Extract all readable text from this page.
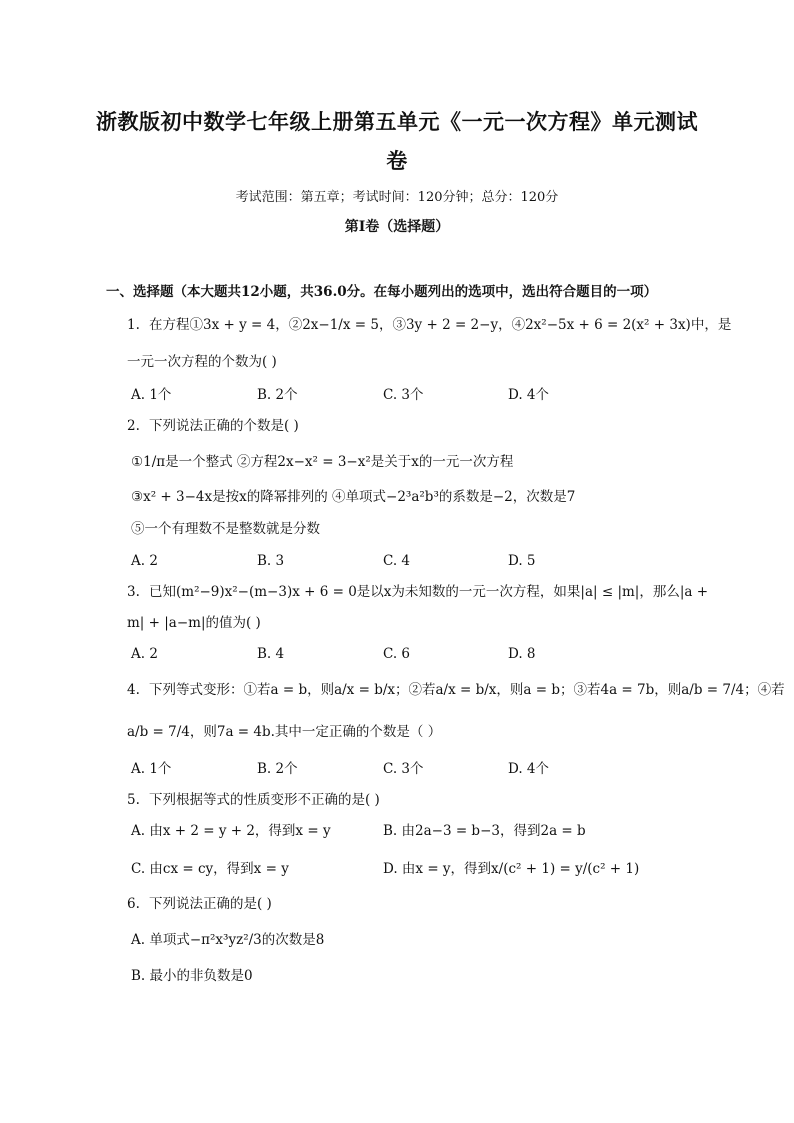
浙教版初中数学七年级上册第五单元《一元一次方程》单元测试
卷
考试范围：第五章；考试时间：120分钟；总分：120分
第I卷（选择题）
一、选择题（本大题共12小题，共36.0分。在每小题列出的选项中，选出符合题目的一项）
1. 在方程①3x + y = 4，②2x−1/x = 5，③3y + 2 = 2−y，④2x²−5x + 6 = 2(x² + 3x)中，是
一元一次方程的个数为( )
A. 1个	B. 2个	C. 3个	D. 4个
2. 下列说法正确的个数是( )
①1/π是一个整式 ②方程2x−x² = 3−x²是关于x的一元一次方程
③x² + 3−4x是按x的降幂排列的 ④单项式−2³a²b³的系数是−2，次数是7
⑤一个有理数不是整数就是分数
A. 2	B. 3	C. 4	D. 5
3. 已知(m²−9)x²−(m−3)x + 6 = 0是以x为未知数的一元一次方程，如果|a| ≤ |m|，那么|a +
m| + |a−m|的值为( )
A. 2	B. 4	C. 6	D. 8
4. 下列等式变形：①若a = b，则a/x = b/x；②若a/x = b/x，则a = b；③若4a = 7b，则a/b = 7/4；④若
a/b = 7/4，则7a = 4b.其中一定正确的个数是（ ）
A. 1个	B. 2个	C. 3个	D. 4个
5. 下列根据等式的性质变形不正确的是( )
A. 由x + 2 = y + 2，得到x = y	B. 由2a−3 = b−3，得到2a = b
C. 由cx = cy，得到x = y	D. 由x = y，得到x/(c² + 1) = y/(c² + 1)
6. 下列说法正确的是( )
A. 单项式−π²x³yz²/3的次数是8
B. 最小的非负数是0
